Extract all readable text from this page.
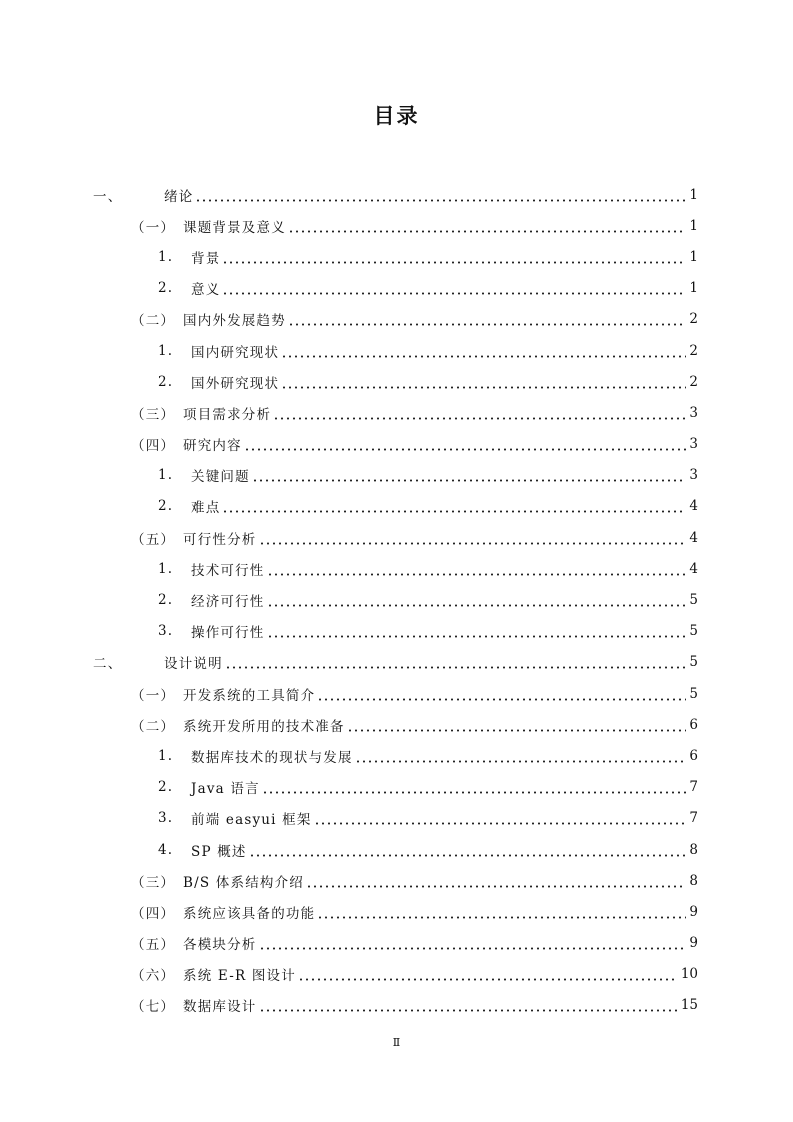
目录
一、	绪论	1
（一） 课题背景及意义	1
1.	背景	1
2.	意义	1
（二） 国内外发展趋势	2
1.	国内研究现状	2
2.	国外研究现状	2
（三） 项目需求分析	3
（四） 研究内容	3
1.	关键问题	3
2.	难点	4
（五） 可行性分析	4
1.	技术可行性	4
2.	经济可行性	5
3.	操作可行性	5
二、	设计说明	5
（一） 开发系统的工具简介	5
（二） 系统开发所用的技术准备	6
1.	数据库技术的现状与发展	6
2.	Java 语言	7
3.	前端 easyui 框架	7
4.	SP 概述	8
（三） B/S 体系结构介绍	8
（四） 系统应该具备的功能	9
（五） 各模块分析	9
（六） 系统 E-R 图设计	10
（七） 数据库设计	15
Ⅱ
